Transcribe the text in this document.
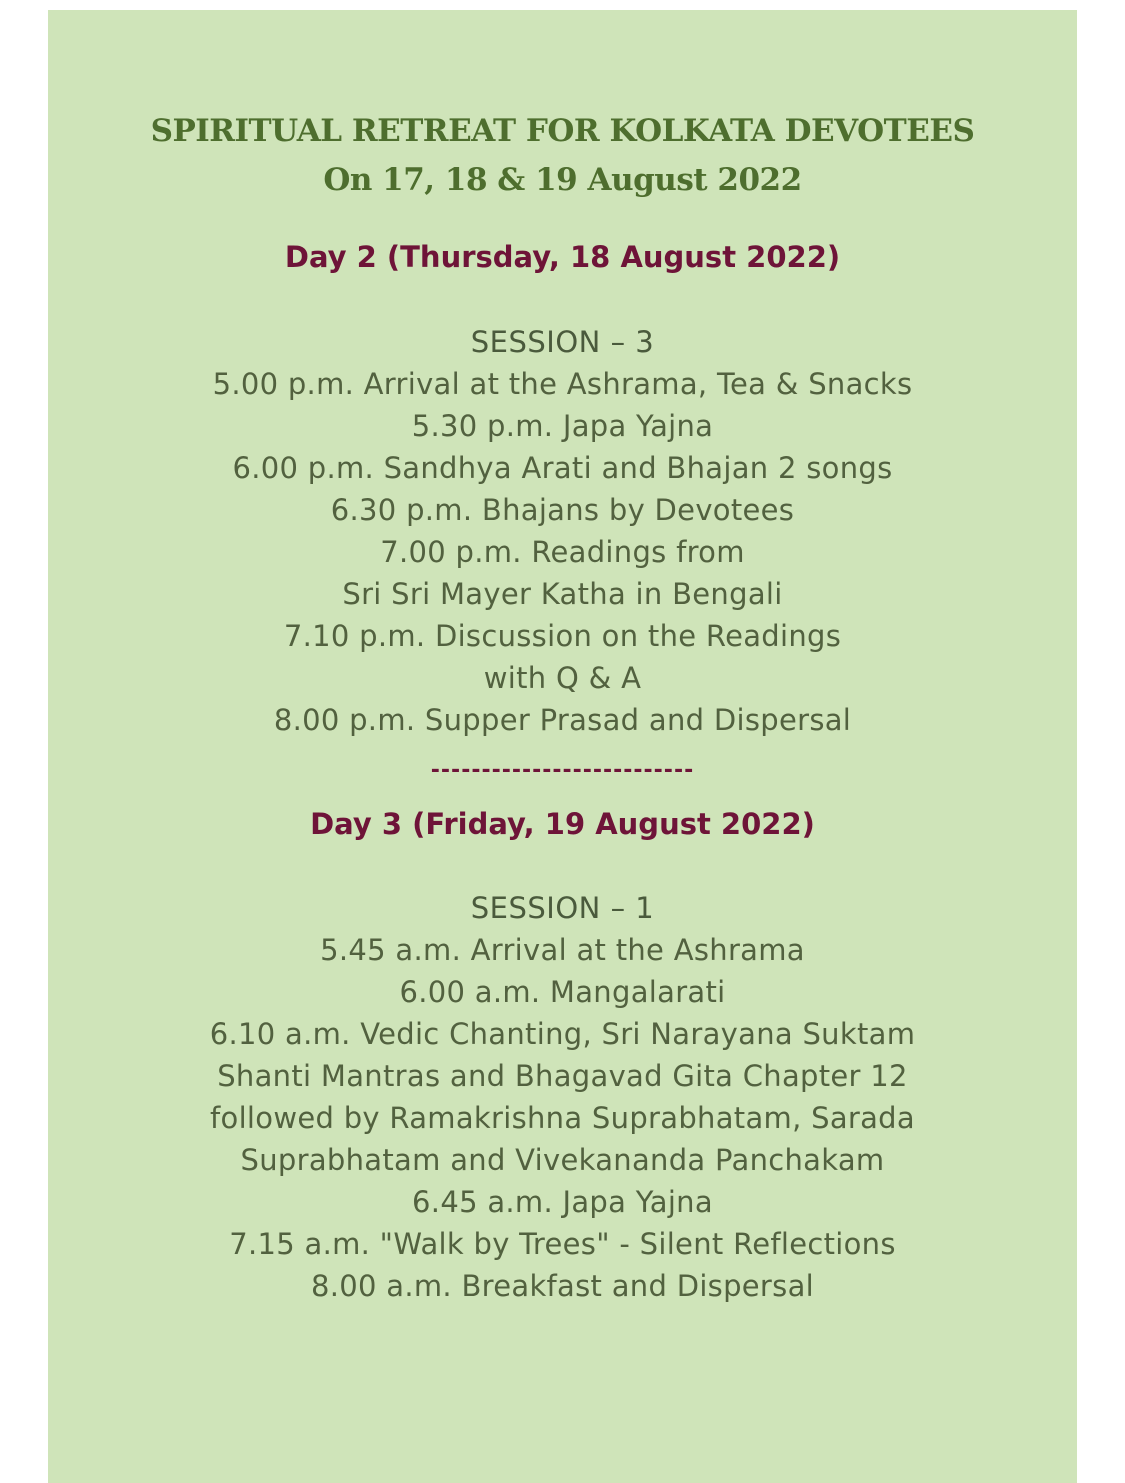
SPIRITUAL RETREAT FOR KOLKATA DEVOTEES
On 17, 18 & 19 August 2022
Day 2 (Thursday, 18 August 2022)
SESSION – 3
5.00 p.m. Arrival at the Ashrama, Tea & Snacks
5.30 p.m. Japa Yajna
6.00 p.m. Sandhya Arati and Bhajan 2 songs
6.30 p.m. Bhajans by Devotees
7.00 p.m. Readings from
Sri Sri Mayer Katha in Bengali
7.10 p.m. Discussion on the Readings
with Q & A
8.00 p.m. Supper Prasad and Dispersal
--------------------------
Day 3 (Friday, 19 August 2022)
SESSION – 1
5.45 a.m. Arrival at the Ashrama
6.00 a.m. Mangalarati
6.10 a.m. Vedic Chanting, Sri Narayana Suktam
Shanti Mantras and Bhagavad Gita Chapter 12
followed by Ramakrishna Suprabhatam, Sarada
Suprabhatam and Vivekananda Panchakam
6.45 a.m. Japa Yajna
7.15 a.m. "Walk by Trees" - Silent Reflections
8.00 a.m. Breakfast and Dispersal
